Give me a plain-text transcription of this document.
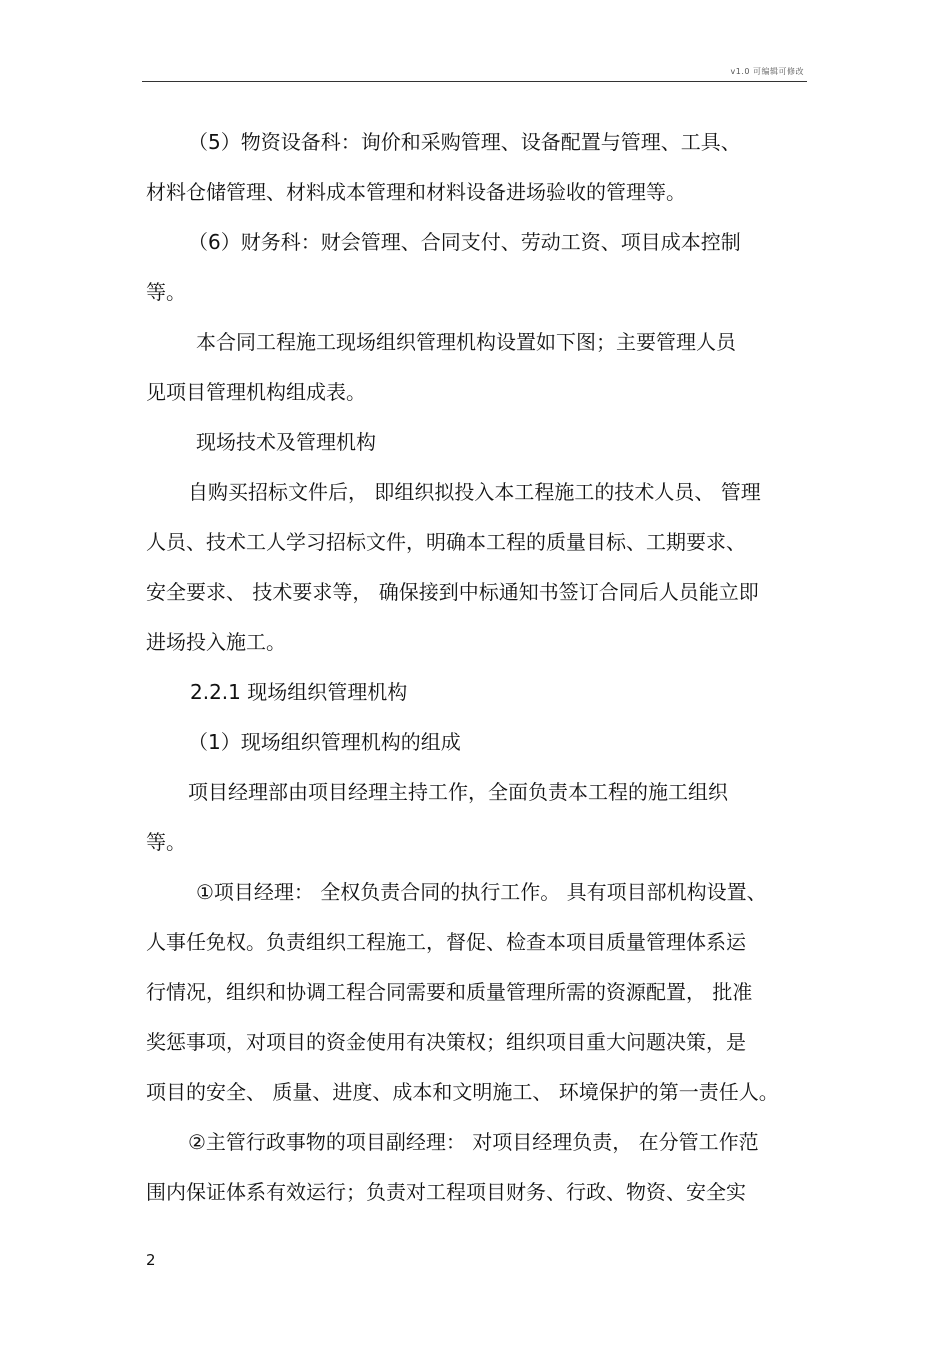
v1.0 可编辑可修改
（5）物资设备科：询价和采购管理、设备配置与管理、工具、
材料仓储管理、材料成本管理和材料设备进场验收的管理等。
（6）财务科：财会管理、合同支付、劳动工资、项目成本控制
等。
本合同工程施工现场组织管理机构设置如下图；主要管理人员
见项目管理机构组成表。
现场技术及管理机构
自购买招标文件后， 即组织拟投入本工程施工的技术人员、 管理
人员、技术工人学习招标文件，明确本工程的质量目标、工期要求、
安全要求、 技术要求等， 确保接到中标通知书签订合同后人员能立即
进场投入施工。
2.2.1 现场组织管理机构
（1）现场组织管理机构的组成
项目经理部由项目经理主持工作，全面负责本工程的施工组织
等。
①项目经理： 全权负责合同的执行工作。 具有项目部机构设置、
人事任免权。负责组织工程施工，督促、检查本项目质量管理体系运
行情况，组织和协调工程合同需要和质量管理所需的资源配置， 批准
奖惩事项，对项目的资金使用有决策权；组织项目重大问题决策，是
项目的安全、 质量、进度、成本和文明施工、 环境保护的第一责任人。
②主管行政事物的项目副经理： 对项目经理负责， 在分管工作范
围内保证体系有效运行；负责对工程项目财务、行政、物资、安全实
2
